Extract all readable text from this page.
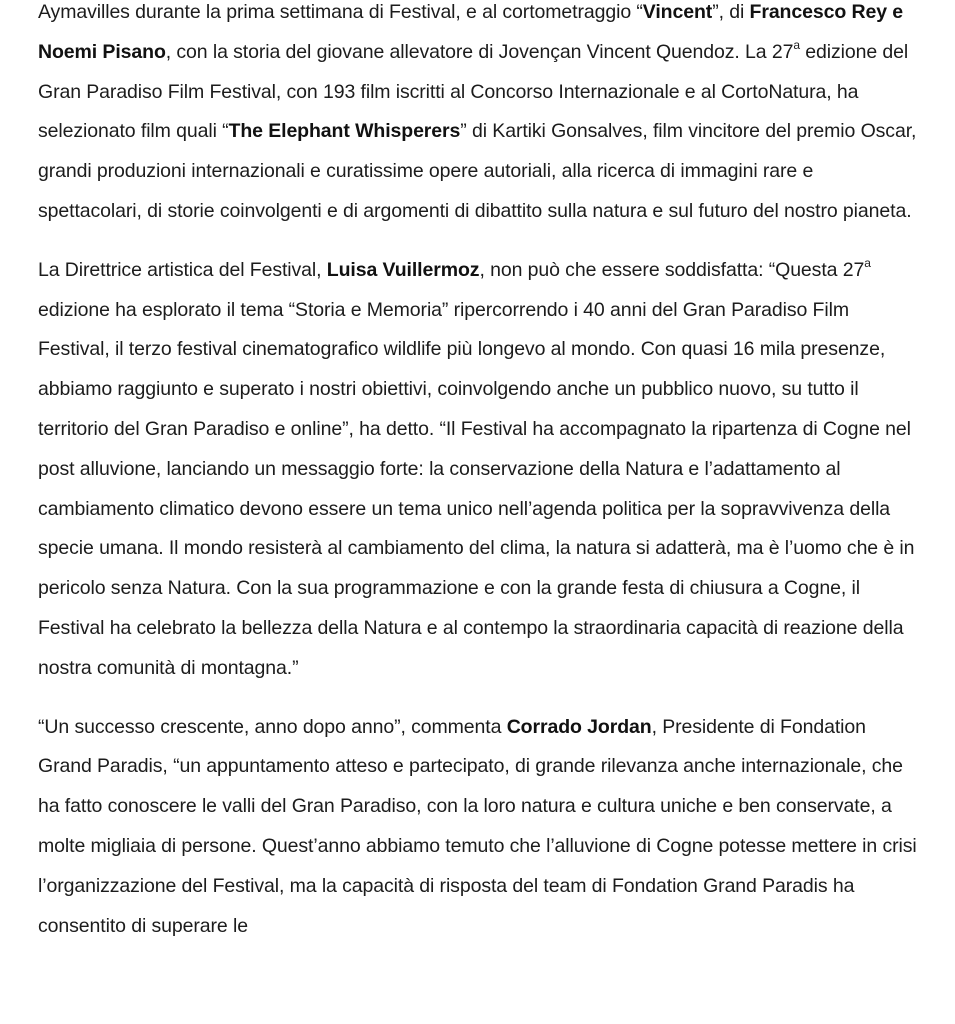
Aymavilles durante la prima settimana di Festival, e al cortometraggio “Vincent”, di Francesco Rey e Noemi Pisano, con la storia del giovane allevatore di Jovençan Vincent Quendoz. La 27$^a$ edizione del Gran Paradiso Film Festival, con 193 film iscritti al Concorso Internazionale e al CortoNatura, ha selezionato film quali “The Elephant Whisperers” di Kartiki Gonsalves, film vincitore del premio Oscar, grandi produzioni internazionali e curatissime opere autoriali, alla ricerca di immagini rare e spettacolari, di storie coinvolgenti e di argomenti di dibattito sulla natura e sul futuro del nostro pianeta.

La Direttrice artistica del Festival, Luisa Vuillermoz, non può che essere soddisfatta: “Questa 27$^a$ edizione ha esplorato il tema “Storia e Memoria” ripercorrendo i 40 anni del Gran Paradiso Film Festival, il terzo festival cinematografico wildlife più longevo al mondo. Con quasi 16 mila presenze, abbiamo raggiunto e superato i nostri obiettivi, coinvolgendo anche un pubblico nuovo, su tutto il territorio del Gran Paradiso e online”, ha detto. “Il Festival ha accompagnato la ripartenza di Cogne nel post alluvione, lanciando un messaggio forte: la conservazione della Natura e l’adattamento al cambiamento climatico devono essere un tema unico nell’agenda politica per la sopravvivenza della specie umana. Il mondo resisterà al cambiamento del clima, la natura si adatterà, ma è l’uomo che è in pericolo senza Natura. Con la sua programmazione e con la grande festa di chiusura a Cogne, il Festival ha celebrato la bellezza della Natura e al contempo la straordinaria capacità di reazione della nostra comunità di montagna.”

“Un successo crescente, anno dopo anno”, commenta Corrado Jordan, Presidente di Fondation Grand Paradis, “un appuntamento atteso e partecipato, di grande rilevanza anche internazionale, che ha fatto conoscere le valli del Gran Paradiso, con la loro natura e cultura uniche e ben conservate, a molte migliaia di persone. Quest’anno abbiamo temuto che l’alluvione di Cogne potesse mettere in crisi l’organizzazione del Festival, ma la capacità di risposta del team di Fondation Grand Paradis ha consentito di superare le
